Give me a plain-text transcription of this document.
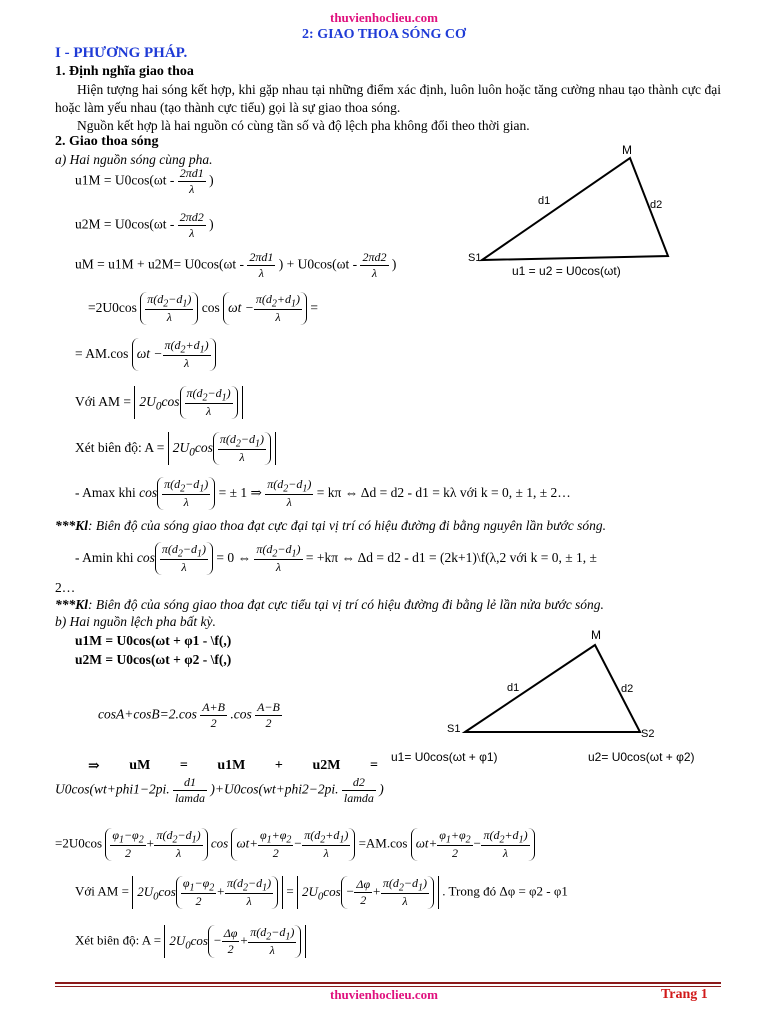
thuvienhoclieu.com
2: GIAO THOA SÓNG CƠ
I - PHƯƠNG PHÁP.
1. Định nghĩa giao thoa
Hiện tượng hai sóng kết hợp, khi gặp nhau tại những điểm xác định, luôn luôn hoặc tăng cường nhau tạo thành cực đại hoặc làm yếu nhau (tạo thành cực tiểu) gọi là sự giao thoa sóng.
Nguồn kết hợp là hai nguồn có cùng tần số và độ lệch pha không đổi theo thời gian.
2. Giao thoa sóng
a) Hai nguồn sóng cùng pha.
$u1M = U0\cos(\omega t - \frac{2\pi d1}{\lambda}$ )
$u2M = U0\cos(\omega t - \frac{2\pi d2}{\lambda}$ )
uM = $u1M + u2M= U0\cos(\omega t - \frac{2\pi d1}{\lambda}$ ) + $U0\cos(\omega t - \frac{2\pi d2}{\lambda}$ )
$=2U0\cos \frac{\pi(d_2-d_1)}{\lambda}$ $\cos \omega t - \frac{\pi(d_2+d_1)}{\lambda}$ =
= AM.cos $\omega t - \frac{\pi(d_2+d_1)}{\lambda}$
Với AM = $2U_0\cos \frac{\pi(d_2-d_1)}{\lambda}$
Xét biên độ: $A = 2U_0\cos \frac{\pi(d_2-d_1)}{\lambda}$
- Amax khi $\cos \frac{\pi(d_2-d_1)}{\lambda}$ = ± 1 ⇒ $\frac{\pi(d_2-d_1)}{\lambda} = k\pi$ ⇔ Δd = d2 - d1 = kλ với k = 0, ± 1, ± 2…
***Kl: Biên độ của sóng giao thoa đạt cực đại tại vị trí có hiệu đường đi bằng nguyên lần bước sóng.
- Amin khi $\cos \frac{\pi(d_2-d_1)}{\lambda} = 0$ ⇔ $\frac{\pi(d_2-d_1)}{\lambda} = +k\pi$ ⇔ Δd = d2 - d1 = (2k+1)\f(λ,2 với k = 0, ± 1, ±
2…
***Kl: Biên độ của sóng giao thoa đạt cực tiểu tại vị trí có hiệu đường đi bằng lẻ lần nửa bước sóng.
b) Hai nguồn lệch pha bất kỳ.
u1M = U0cos(ωt + φ1 - \f(,)
u2M = U0cos(ωt + φ2 - \f(,)
$\cos A+\cos B=2.\cos \frac{A+B}{2} .\cos \frac{A-B}{2}$
⇒ uM = u1M + u2M =
U0cos(wt+phi1−2pi. $\frac{d1}{\text{lamda}} )+U0\cos(wt+phi2-2pi$. $\frac{d2}{\text{lamda}}$ )
$=2U0\cos \frac{\varphi_1-\varphi_2}{2} + \frac{\pi(d_2-d_1)}{\lambda}$ $\cos \omega t+ \frac{\varphi_1+\varphi_2}{2} - \frac{\pi(d_2+d_1)}{\lambda} =AM.\cos$ $\omega t+ \frac{\varphi_1+\varphi_2}{2} - \frac{\pi(d_2+d_1)}{\lambda}$
Với AM = $2U_0\cos \frac{\varphi_1-\varphi_2}{2} + \frac{\pi(d_2-d_1)}{\lambda} = 2U_0\cos - \frac{\Delta\varphi}{2} + \frac{\pi(d_2-d_1)}{\lambda}$ . Trong đó Δφ = φ2 - φ1
Xét biên độ: $A = 2U_0\cos - \frac{\Delta\varphi}{2} + \frac{\pi(d_2-d_1)}{\lambda}$
M
d1	d2
S1
u1 = u2 = U0cos(ωt)
M
d1	d2
S1	S2
u1= U0cos(ωt + φ1)	u2= U0cos(ωt + φ2)
thuvienhoclieu.com	Trang 1
